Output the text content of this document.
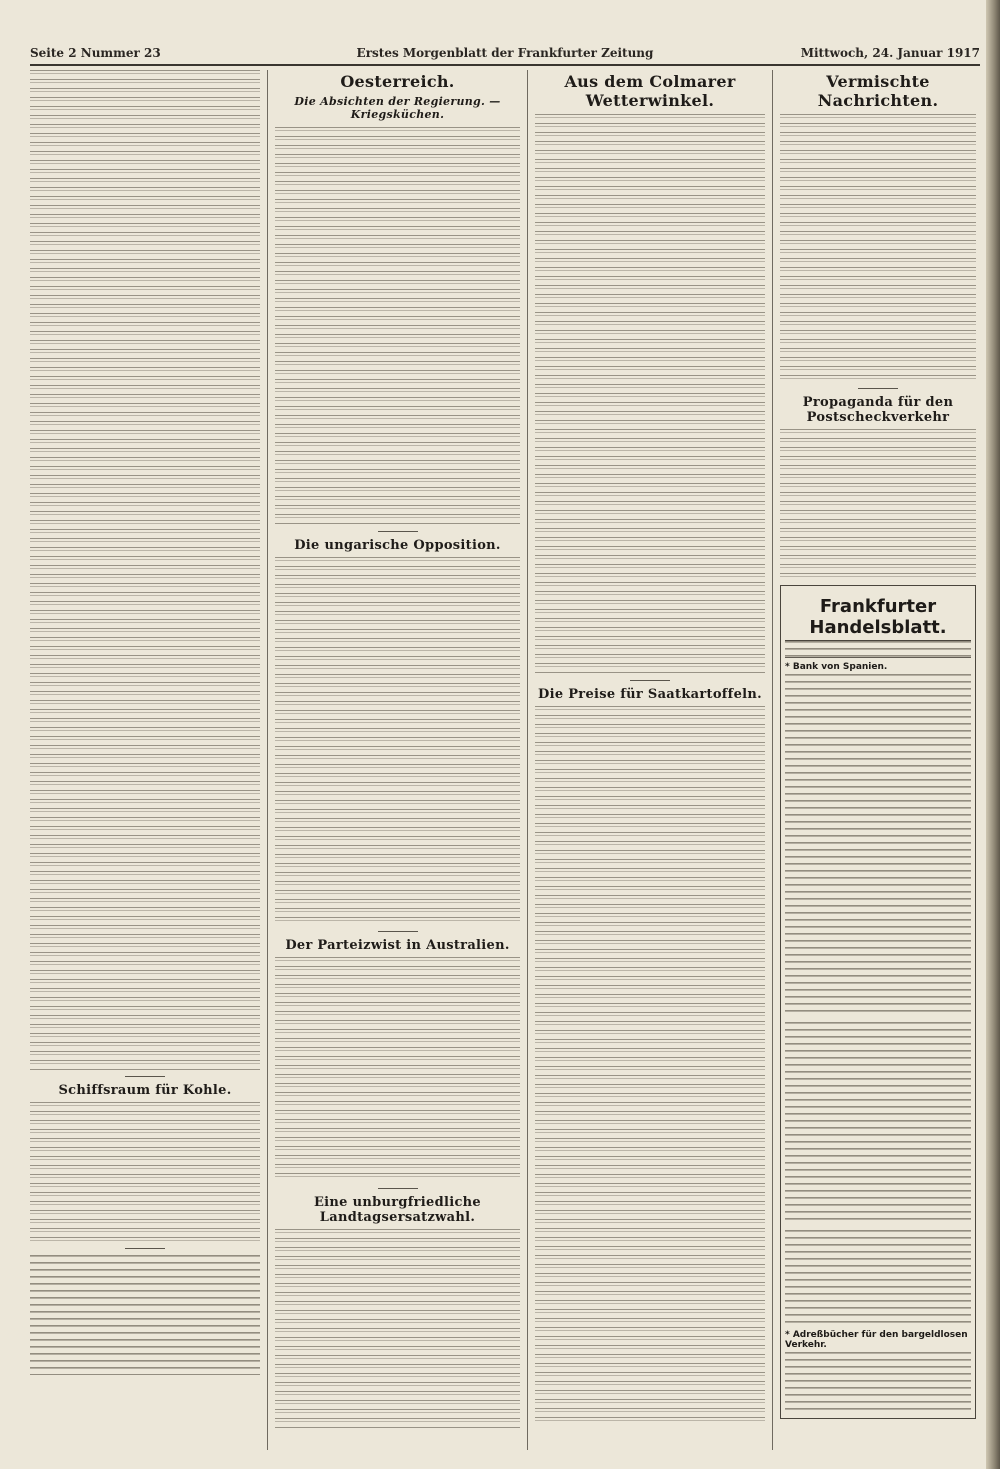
Seite 2 Nummer 23	Erstes Morgenblatt der Frankfurter Zeitung	Mittwoch, 24. Januar 1917
Schiffsraum für Kohle.
Oesterreich.
Die Absichten der Regierung. — Kriegsküchen.
Die ungarische Opposition.
Der Parteizwist in Australien.
Eine unburgfriedliche Landtagsersatzwahl.
Aus dem Colmarer Wetterwinkel.
Die Preise für Saatkartoffeln.
Vermischte Nachrichten.
Propaganda für den Postscheckverkehr
Frankfurter Handelsblatt.
* Bank von Spanien.
* Adreßbücher für den bargeldlosen Verkehr.
